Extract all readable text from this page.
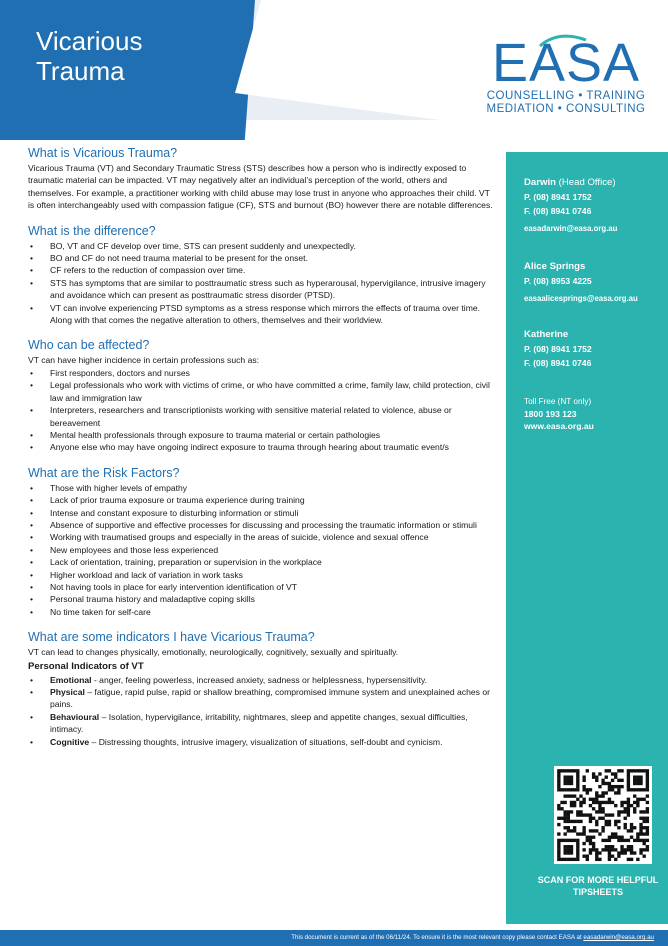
Vicarious Trauma	EASA
COUNSELLING • TRAINING
MEDIATION • CONSULTING
What is Vicarious Trauma?

Vicarious Trauma (VT) and Secondary Traumatic Stress (STS) describes how a person who is indirectly exposed to traumatic material can be impacted. VT may negatively alter an individual’s perception of the world, others and themselves. For example, a practitioner working with child abuse may lose trust in anyone who approaches their child. VT is often interchangeably used with compassion fatigue (CF), STS and burnout (BO) however there are notable differences.

What is the difference?
• BO, VT and CF develop over time, STS can present suddenly and unexpectedly.
• BO and CF do not need trauma material to be present for the onset.
• CF refers to the reduction of compassion over time.
• STS has symptoms that are similar to posttraumatic stress such as hyperarousal, hypervigilance, intrusive imagery and avoidance which can present as posttraumatic stress disorder (PTSD).
• VT can involve experiencing PTSD symptoms as a stress response which mirrors the effects of trauma over time. Along with that comes the negative alteration to others, themselves and their worldview.
Who can be affected?

VT can have higher incidence in certain professions such as:

• First responders, doctors and nurses
• Legal professionals who work with victims of crime, or who have committed a crime, family law, child protection, civil law and immigration law
• Interpreters, researchers and transcriptionists working with sensitive material related to violence, abuse or bereavement
• Mental health professionals through exposure to trauma material or certain pathologies
• Anyone else who may have ongoing indirect exposure to trauma through hearing about traumatic event/s
What are the Risk Factors?
• Those with higher levels of empathy
• Lack of prior trauma exposure or trauma experience during training
• Intense and constant exposure to disturbing information or stimuli
• Absence of supportive and effective processes for discussing and processing the traumatic information or stimuli
• Working with traumatised groups and especially in the areas of suicide, violence and sexual offence
• New employees and those less experienced
• Lack of orientation, training, preparation or supervision in the workplace
• Higher workload and lack of variation in work tasks
• Not having tools in place for early intervention identification of VT
• Personal trauma history and maladaptive coping skills
• No time taken for self-care
What are some indicators I have Vicarious Trauma?

VT can lead to changes physically, emotionally, neurologically, cognitively, sexually and spiritually.

Personal Indicators of VT
• Emotional - anger, feeling powerless, increased anxiety, sadness or helplessness, hypersensitivity.
• Physical – fatigue, rapid pulse, rapid or shallow breathing, compromised immune system and unexplained aches or pains.
• Behavioural – Isolation, hypervigilance, irritability, nightmares, sleep and appetite changes, sexual difficulties, intimacy.
• Cognitive – Distressing thoughts, intrusive imagery, visualization of situations, self-doubt and cynicism.

Darwin (Head Office)

P. (08) 8941 1752

F. (08) 8941 0746

easadarwin@easa.org.au

Alice Springs

P. (08) 8953 4225

easaalicesprings@easa.org.au

Katherine

P. (08) 8941 1752

F. (08) 8941 0746

Toll Free (NT only)

1800 193 123

www.easa.org.au

SCAN FOR MORE HELPFUL TIPSHEETS
This document is current as of the 06/11/24. To ensure it is the most relevant copy please contact EASA at easadarwin@easa.org.au
